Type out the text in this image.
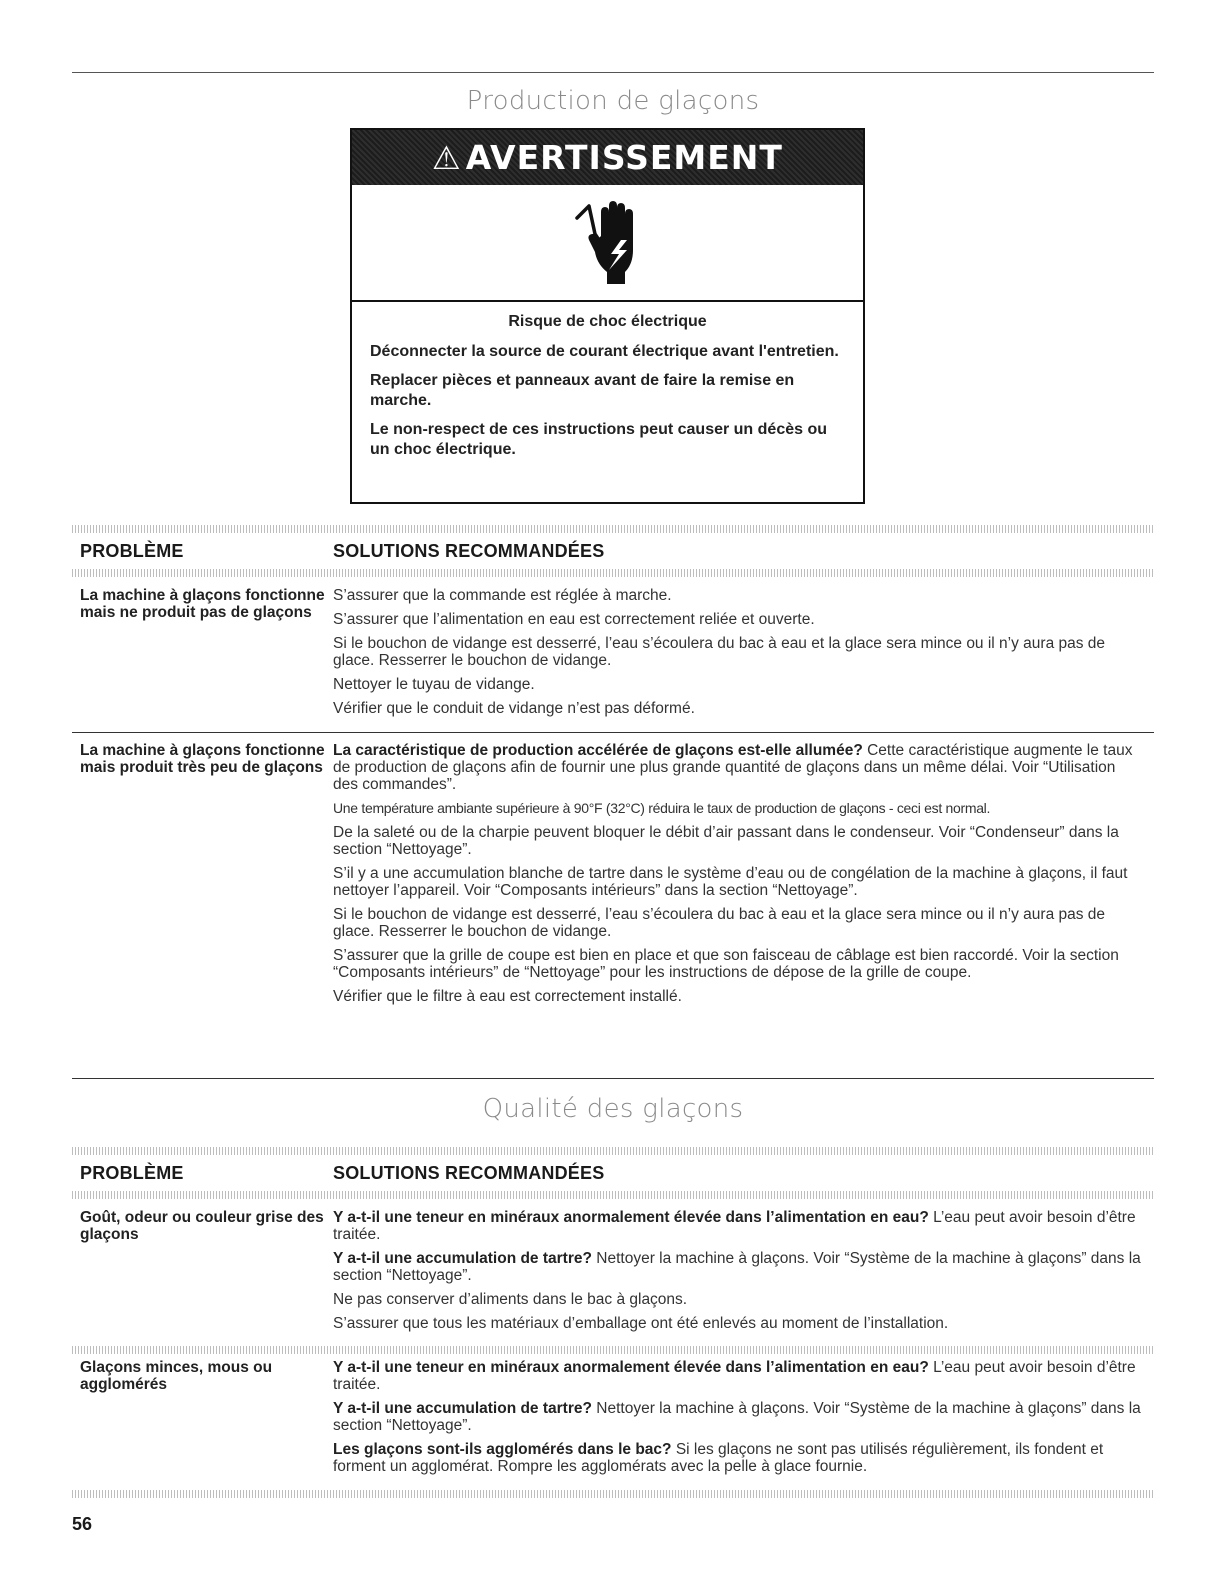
Production de glaçons
⚠ AVERTISSEMENT

Risque de choc électrique

Déconnecter la source de courant électrique avant l'entretien.

Replacer pièces et panneaux avant de faire la remise en marche.

Le non-respect de ces instructions peut causer un décès ou un choc électrique.

PROBLÈME	SOLUTIONS RECOMMANDÉES
La machine à glaçons fonctionne mais ne produit pas de glaçons

S’assurer que la commande est réglée à marche.

S’assurer que l’alimentation en eau est correctement reliée et ouverte.

Si le bouchon de vidange est desserré, l’eau s’écoulera du bac à eau et la glace sera mince ou il n’y aura pas de glace. Resserrer le bouchon de vidange.

Nettoyer le tuyau de vidange.

Vérifier que le conduit de vidange n’est pas déformé.

La machine à glaçons fonctionne mais produit très peu de glaçons

La caractéristique de production accélérée de glaçons est-elle allumée? Cette caractéristique augmente le taux de production de glaçons afin de fournir une plus grande quantité de glaçons dans un même délai. Voir “Utilisation des commandes”.

Une température ambiante supérieure à 90°F (32°C) réduira le taux de production de glaçons - ceci est normal.

De la saleté ou de la charpie peuvent bloquer le débit d’air passant dans le condenseur. Voir “Condenseur” dans la section “Nettoyage”.

S’il y a une accumulation blanche de tartre dans le système d’eau ou de congélation de la machine à glaçons, il faut nettoyer l’appareil. Voir “Composants intérieurs” dans la section “Nettoyage”.

Si le bouchon de vidange est desserré, l’eau s’écoulera du bac à eau et la glace sera mince ou il n’y aura pas de glace. Resserrer le bouchon de vidange.

S’assurer que la grille de coupe est bien en place et que son faisceau de câblage est bien raccordé. Voir la section “Composants intérieurs” de “Nettoyage” pour les instructions de dépose de la grille de coupe.

Vérifier que le filtre à eau est correctement installé.

Qualité des glaçons
PROBLÈME	SOLUTIONS RECOMMANDÉES
Goût, odeur ou couleur grise des glaçons

Y a-t-il une teneur en minéraux anormalement élevée dans l’alimentation en eau? L’eau peut avoir besoin d’être traitée.

Y a-t-il une accumulation de tartre? Nettoyer la machine à glaçons. Voir “Système de la machine à glaçons” dans la section “Nettoyage”.

Ne pas conserver d’aliments dans le bac à glaçons.

S’assurer que tous les matériaux d’emballage ont été enlevés au moment de l’installation.

Glaçons minces, mous ou agglomérés

Y a-t-il une teneur en minéraux anormalement élevée dans l’alimentation en eau? L’eau peut avoir besoin d’être traitée.

Y a-t-il une accumulation de tartre? Nettoyer la machine à glaçons. Voir “Système de la machine à glaçons” dans la section “Nettoyage”.

Les glaçons sont-ils agglomérés dans le bac? Si les glaçons ne sont pas utilisés régulièrement, ils fondent et forment un agglomérat. Rompre les agglomérats avec la pelle à glace fournie.

56
